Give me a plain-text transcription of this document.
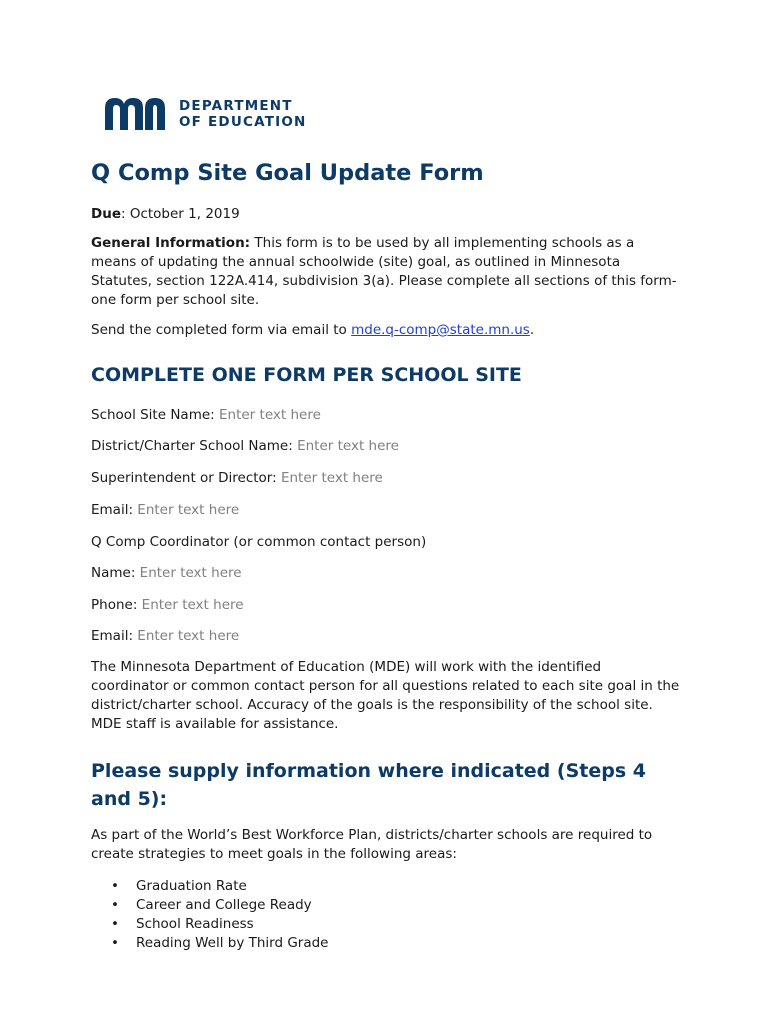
DEPARTMENT
OF EDUCATION
Q Comp Site Goal Update Form
Due: October 1, 2019
General Information: This form is to be used by all implementing schools as a means of updating the annual schoolwide (site) goal, as outlined in Minnesota Statutes, section 122A.414, subdivision 3(a). Please complete all sections of this form- one form per school site.
Send the completed form via email to mde.q-comp@state.mn.us.
COMPLETE ONE FORM PER SCHOOL SITE
School Site Name: Enter text here
District/Charter School Name: Enter text here
Superintendent or Director: Enter text here
Email: Enter text here
Q Comp Coordinator (or common contact person)
Name: Enter text here
Phone: Enter text here
Email: Enter text here
The Minnesota Department of Education (MDE) will work with the identified coordinator or common contact person for all questions related to each site goal in the district/charter school. Accuracy of the goals is the responsibility of the school site. MDE staff is available for assistance.
Please supply information where indicated (Steps 4 and 5):
As part of the World’s Best Workforce Plan, districts/charter schools are required to create strategies to meet goals in the following areas:
• Graduation Rate
• Career and College Ready
• School Readiness
• Reading Well by Third Grade
